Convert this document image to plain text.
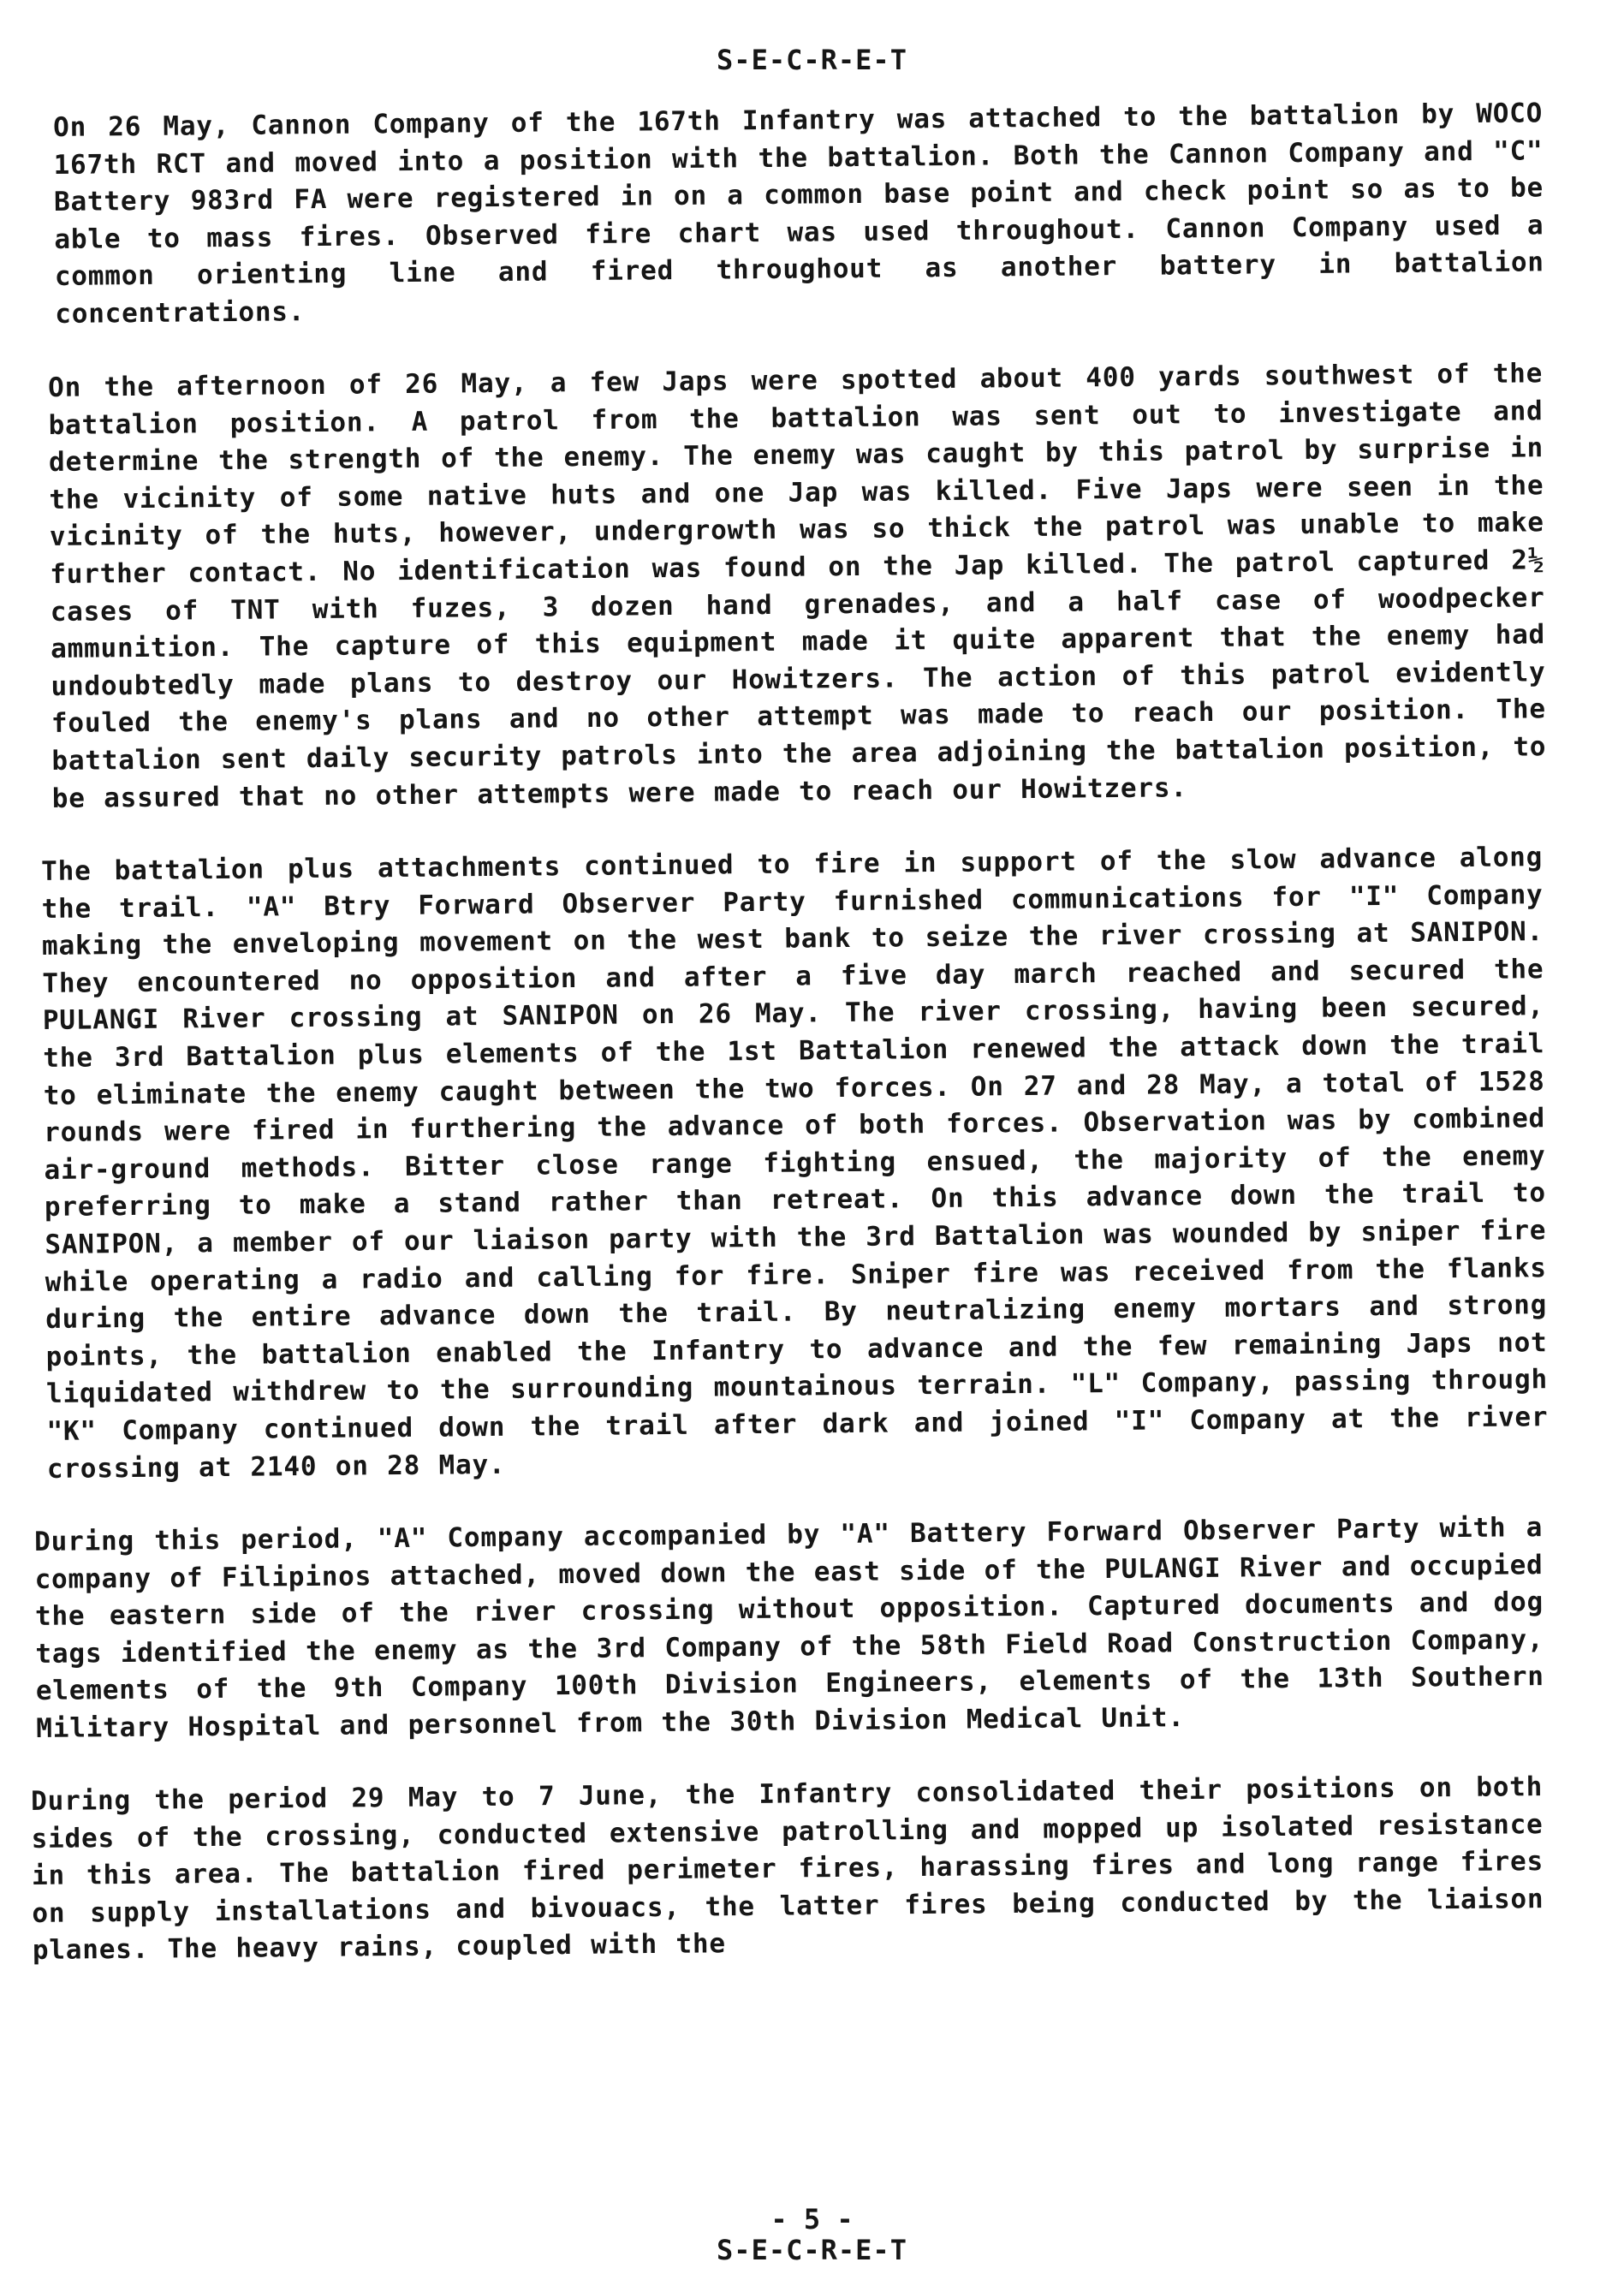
S-E-C-R-E-T

On 26 May, Cannon Company of the 167th Infantry was attached to the battalion by WOCO 167th RCT and moved into a position with the battalion. Both the Cannon Company and "C" Battery 983rd FA were registered in on a common base point and check point so as to be able to mass fires. Observed fire chart was used throughout. Cannon Company used a common orienting line and fired throughout as another battery in battalion concentrations.

On the afternoon of 26 May, a few Japs were spotted about 400 yards southwest of the battalion position. A patrol from the battalion was sent out to investigate and determine the strength of the enemy. The enemy was caught by this patrol by surprise in the vicinity of some native huts and one Jap was killed. Five Japs were seen in the vicinity of the huts, however, undergrowth was so thick the patrol was unable to make further contact. No identification was found on the Jap killed. The patrol captured 2½ cases of TNT with fuzes, 3 dozen hand grenades, and a half case of woodpecker ammunition. The capture of this equipment made it quite apparent that the enemy had undoubtedly made plans to destroy our Howitzers. The action of this patrol evidently fouled the enemy's plans and no other attempt was made to reach our position. The battalion sent daily security patrols into the area adjoining the battalion position, to be assured that no other attempts were made to reach our Howitzers.

The battalion plus attachments continued to fire in support of the slow advance along the trail. "A" Btry Forward Observer Party furnished communications for "I" Company making the enveloping movement on the west bank to seize the river crossing at SANIPON. They encountered no opposition and after a five day march reached and secured the PULANGI River crossing at SANIPON on 26 May. The river crossing, having been secured, the 3rd Battalion plus elements of the 1st Battalion renewed the attack down the trail to eliminate the enemy caught between the two forces. On 27 and 28 May, a total of 1528 rounds were fired in furthering the advance of both forces. Observation was by combined air-ground methods. Bitter close range fighting ensued, the majority of the enemy preferring to make a stand rather than retreat. On this advance down the trail to SANIPON, a member of our liaison party with the 3rd Battalion was wounded by sniper fire while operating a radio and calling for fire. Sniper fire was received from the flanks during the entire advance down the trail. By neutralizing enemy mortars and strong points, the battalion enabled the Infantry to advance and the few remaining Japs not liquidated withdrew to the surrounding mountainous terrain. "L" Company, passing through "K" Company continued down the trail after dark and joined "I" Company at the river crossing at 2140 on 28 May.

During this period, "A" Company accompanied by "A" Battery Forward Observer Party with a company of Filipinos attached, moved down the east side of the PULANGI River and occupied the eastern side of the river crossing without opposition. Captured documents and dog tags identified the enemy as the 3rd Company of the 58th Field Road Construction Company, elements of the 9th Company 100th Division Engineers, elements of the 13th Southern Military Hospital and personnel from the 30th Division Medical Unit.

During the period 29 May to 7 June, the Infantry consolidated their positions on both sides of the crossing, conducted extensive patrolling and mopped up isolated resistance in this area. The battalion fired perimeter fires, harassing fires and long range fires on supply installations and bivouacs, the latter fires being conducted by the liaison planes. The heavy rains, coupled with the

- 5 -
S-E-C-R-E-T
